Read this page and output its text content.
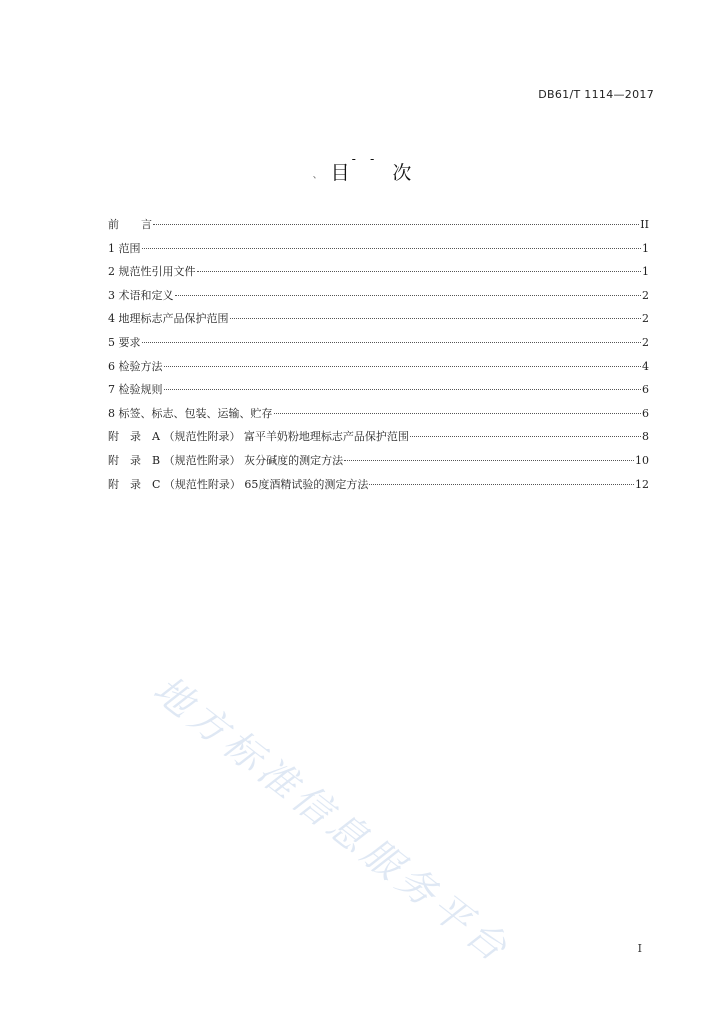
DB61/T 1114—2017
、 目- -次
前　　言	II
1 范围	1
2 规范性引用文件	1
3 术语和定义	2
4 地理标志产品保护范围	2
5 要求	2
6 检验方法	4
7 检验规则	6
8 标签、标志、包装、运输、贮存	6
附　录　A （规范性附录） 富平羊奶粉地理标志产品保护范围	8
附　录　B （规范性附录） 灰分碱度的测定方法	10
附　录　C （规范性附录） 65度酒精试验的测定方法	12
地方标准信息服务平台	I
